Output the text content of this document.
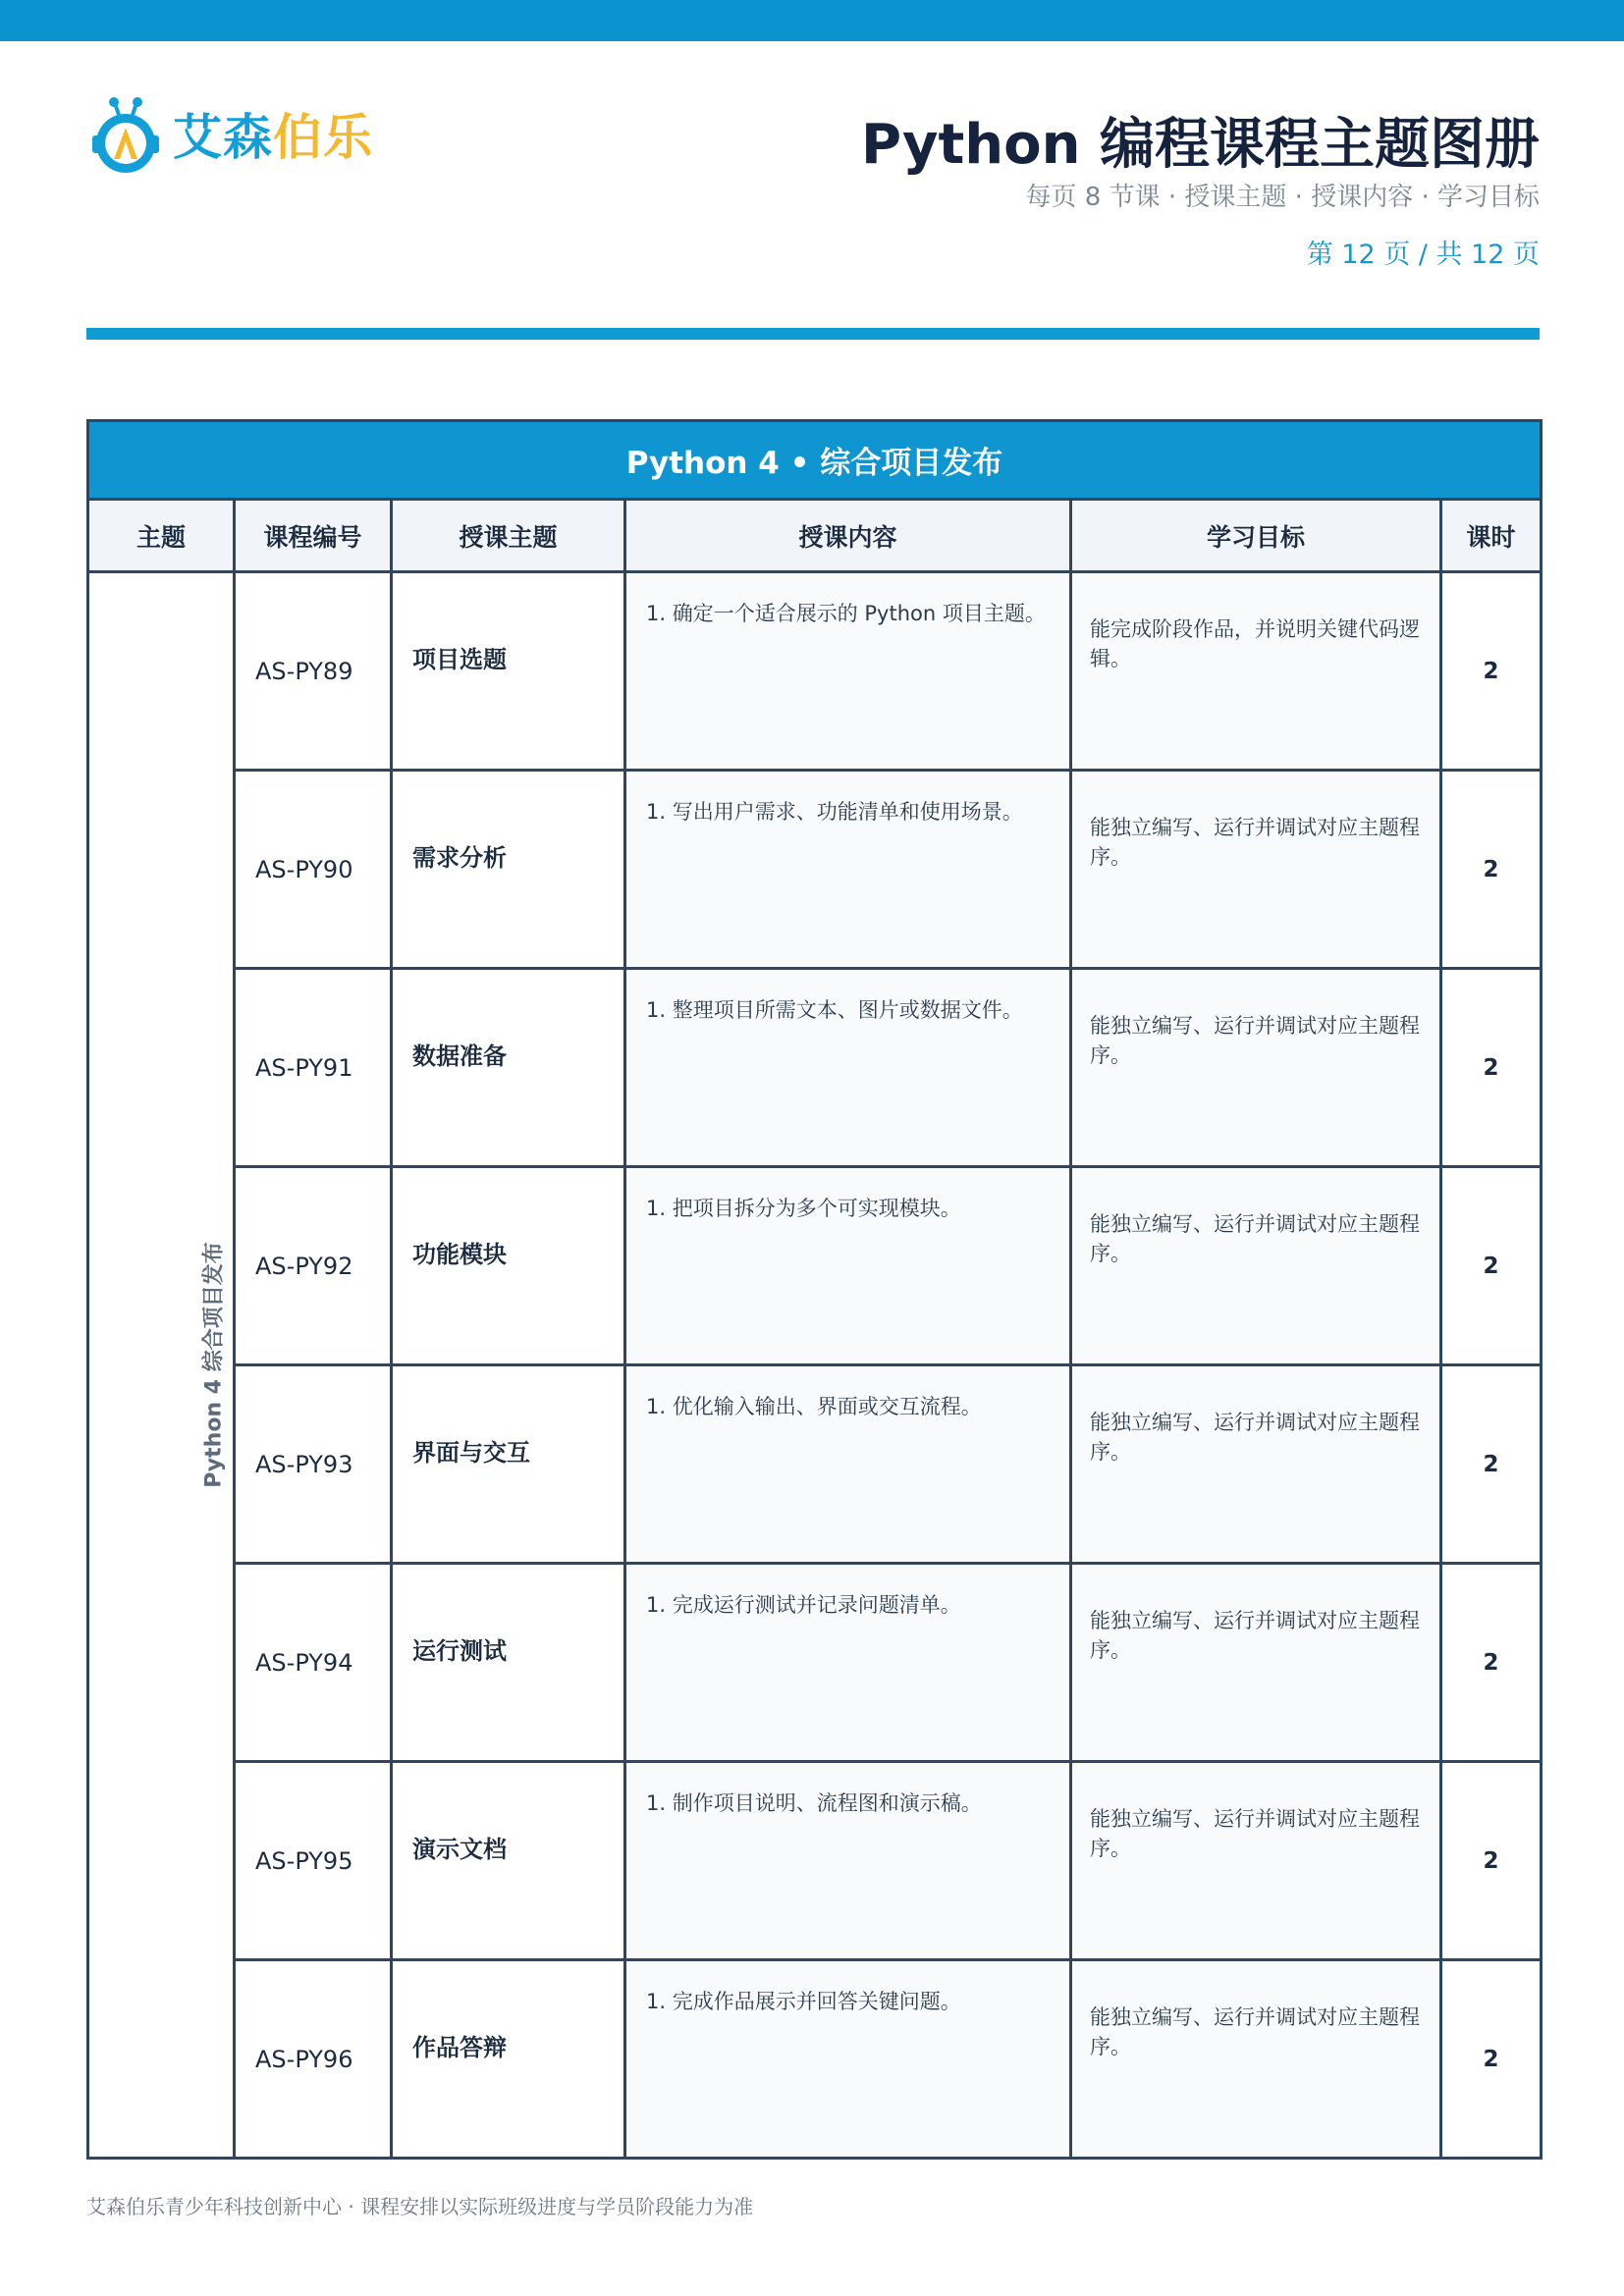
艾森伯乐	Python 编程课程主题图册
每页 8 节课 · 授课主题 · 授课内容 · 学习目标
第 12 页 / 共 12 页
Python 4 • 综合项目发布					
主题	课程编号	授课主题	授课内容	学习目标	课时
Python 4 综合项目发布	AS-PY89	项目选题	1. 确定一个适合展示的 Python 项目主题。	能完成阶段作品，并说明关键代码逻辑。	2
	AS-PY90	需求分析	1. 写出用户需求、功能清单和使用场景。	能独立编写、运行并调试对应主题程序。	2
	AS-PY91	数据准备	1. 整理项目所需文本、图片或数据文件。	能独立编写、运行并调试对应主题程序。	2
	AS-PY92	功能模块	1. 把项目拆分为多个可实现模块。	能独立编写、运行并调试对应主题程序。	2
	AS-PY93	界面与交互	1. 优化输入输出、界面或交互流程。	能独立编写、运行并调试对应主题程序。	2
	AS-PY94	运行测试	1. 完成运行测试并记录问题清单。	能独立编写、运行并调试对应主题程序。	2
	AS-PY95	演示文档	1. 制作项目说明、流程图和演示稿。	能独立编写、运行并调试对应主题程序。	2
	AS-PY96	作品答辩	1. 完成作品展示并回答关键问题。	能独立编写、运行并调试对应主题程序。	2
艾森伯乐青少年科技创新中心 · 课程安排以实际班级进度与学员阶段能力为准
